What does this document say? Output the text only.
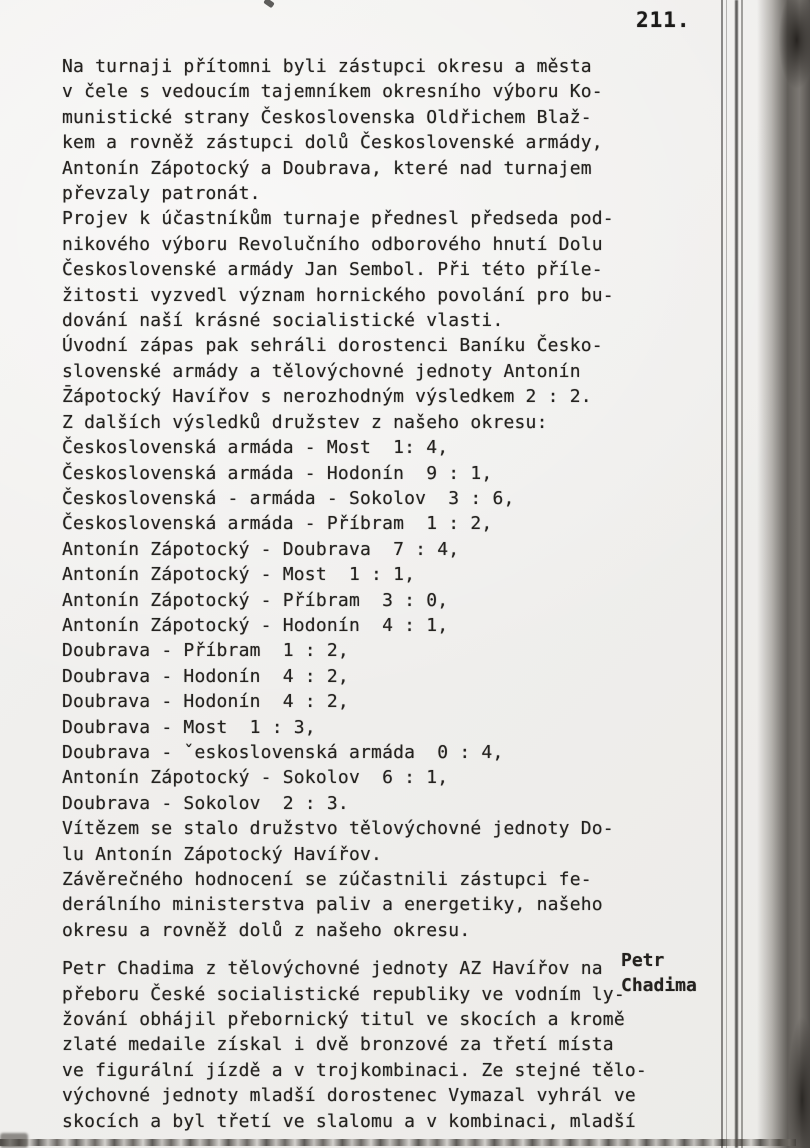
211.
Na turnaji přítomni byli zástupci okresu a města
v čele s vedoucím tajemníkem okresního výboru Ko-
munistické strany Československa Oldřichem Blaž-
kem a rovněž zástupci dolů Československé armády,
Antonín Zápotocký a Doubrava, které nad turnajem
převzaly patronát.
Projev k účastníkům turnaje přednesl předseda pod-
nikového výboru Revolučního odborového hnutí Dolu
Československé armády Jan Sembol. Při této příle-
žitosti vyzvedl význam hornického povolání pro bu-
dování naší krásné socialistické vlasti.
Úvodní zápas pak sehráli dorostenci Baníku Česko-
slovenské armády a tělovýchovné jednoty Antonín
Z̄ápotocký Havířov s nerozhodným výsledkem 2 : 2.
Z dalších výsledků družstev z našeho okresu:
Československá armáda - Most  1: 4,
Československá armáda - Hodonín  9 : 1,
Československá - armáda - Sokolov  3 : 6,
Československá armáda - Příbram  1 : 2,
Antonín Zápotocký - Doubrava  7 : 4,
Antonín Zápotocký - Most  1 : 1,
Antonín Zápotocký - Příbram  3 : 0,
Antonín Zápotocký - Hodonín  4 : 1,
Doubrava - Příbram  1 : 2,
Doubrava - Hodonín  4 : 2,
Doubrava - Hodonín  4 : 2,
Doubrava - Most  1 : 3,
Doubrava - ˇeskoslovenská armáda  0 : 4,
Antonín Zápotocký - Sokolov  6 : 1,
Doubrava - Sokolov  2 : 3.
Vítězem se stalo družstvo tělovýchovné jednoty Do-
lu Antonín Zápotocký Havířov.
Závěrečného hodnocení se zúčastnili zástupci fe-
derálního ministerstva paliv a energetiky, našeho
okresu a rovněž dolů z našeho okresu.
Petr Chadima z tělovýchovné jednoty AZ Havířov na
přeboru České socialistické republiky ve vodním ly-
žování obhájil přebornický titul ve skocích a kromě
zlaté medaile získal i dvě bronzové za třetí místa
ve figurální jízdě a v trojkombinaci. Ze stejné tělo-
výchovné jednoty mladší dorostenec Vymazal vyhrál ve
skocích a byl třetí ve slalomu a v kombinaci, mladší
Petr
Chadima
